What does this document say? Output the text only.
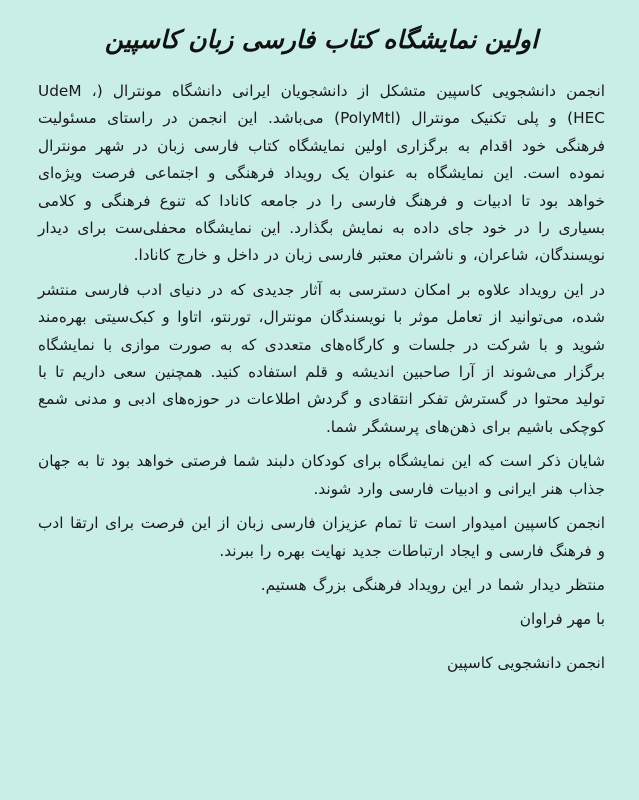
اولین نمایشگاه کتاب فارسی زبان کاسپین

انجمن دانشجویی کاسپین متشکل از دانشجویان ایرانی دانشگاه مونترال (UdeM ، HEC) و پلی تکنیک مونترال (PolyMtl) می‌باشد. این انجمن در راستای مسئولیت فرهنگی خود اقدام به برگزاری اولین نمایشگاه کتاب فارسی زبان در شهر مونترال نموده است. این نمایشگاه به عنوان یک رویداد فرهنگی و اجتماعی فرصت ویژه‌ای خواهد بود تا ادبیات و فرهنگ فارسی را در جامعه کانادا که تنوع فرهنگی و کلامی بسیاری را در خود جای داده به نمایش بگذارد. این نمایشگاه محفلی‌ست برای دیدار نویسندگان، شاعران، و ناشران معتبر فارسی زبان در داخل و خارج کانادا.

در این رویداد علاوه بر امکان دسترسی به آثار جدیدی که در دنیای ادب فارسی منتشر شده، می‌توانید از تعامل موثر با نویسندگان مونترال، تورنتو، اتاوا و کبک‌سیتی بهره‌مند شوید و با شرکت در جلسات و کارگاه‌های متعددی که به صورت موازی با نمایشگاه برگزار می‌شوند از آرا صاحبین اندیشه و قلم استفاده کنید. همچنین سعی داریم تا با تولید محتوا در گسترش تفکر انتقادی و گردش اطلاعات در حوزه‌های ادبی و مدنی شمع کوچکی باشیم برای ذهن‌های پرسشگر شما.

شایان ذکر است که این نمایشگاه برای کودکان دلبند شما فرصتی خواهد بود تا به جهان جذاب هنر ایرانی و ادبیات فارسی وارد شوند.

انجمن کاسپین امیدوار است تا تمام عزیزان فارسی زبان از این فرصت برای ارتقا ادب و فرهنگ فارسی و ایجاد ارتباطات جدید نهایت بهره را ببرند.

منتظر دیدار شما در این رویداد فرهنگی بزرگ هستیم.

با مهر فراوان

انجمن دانشجویی کاسپین
